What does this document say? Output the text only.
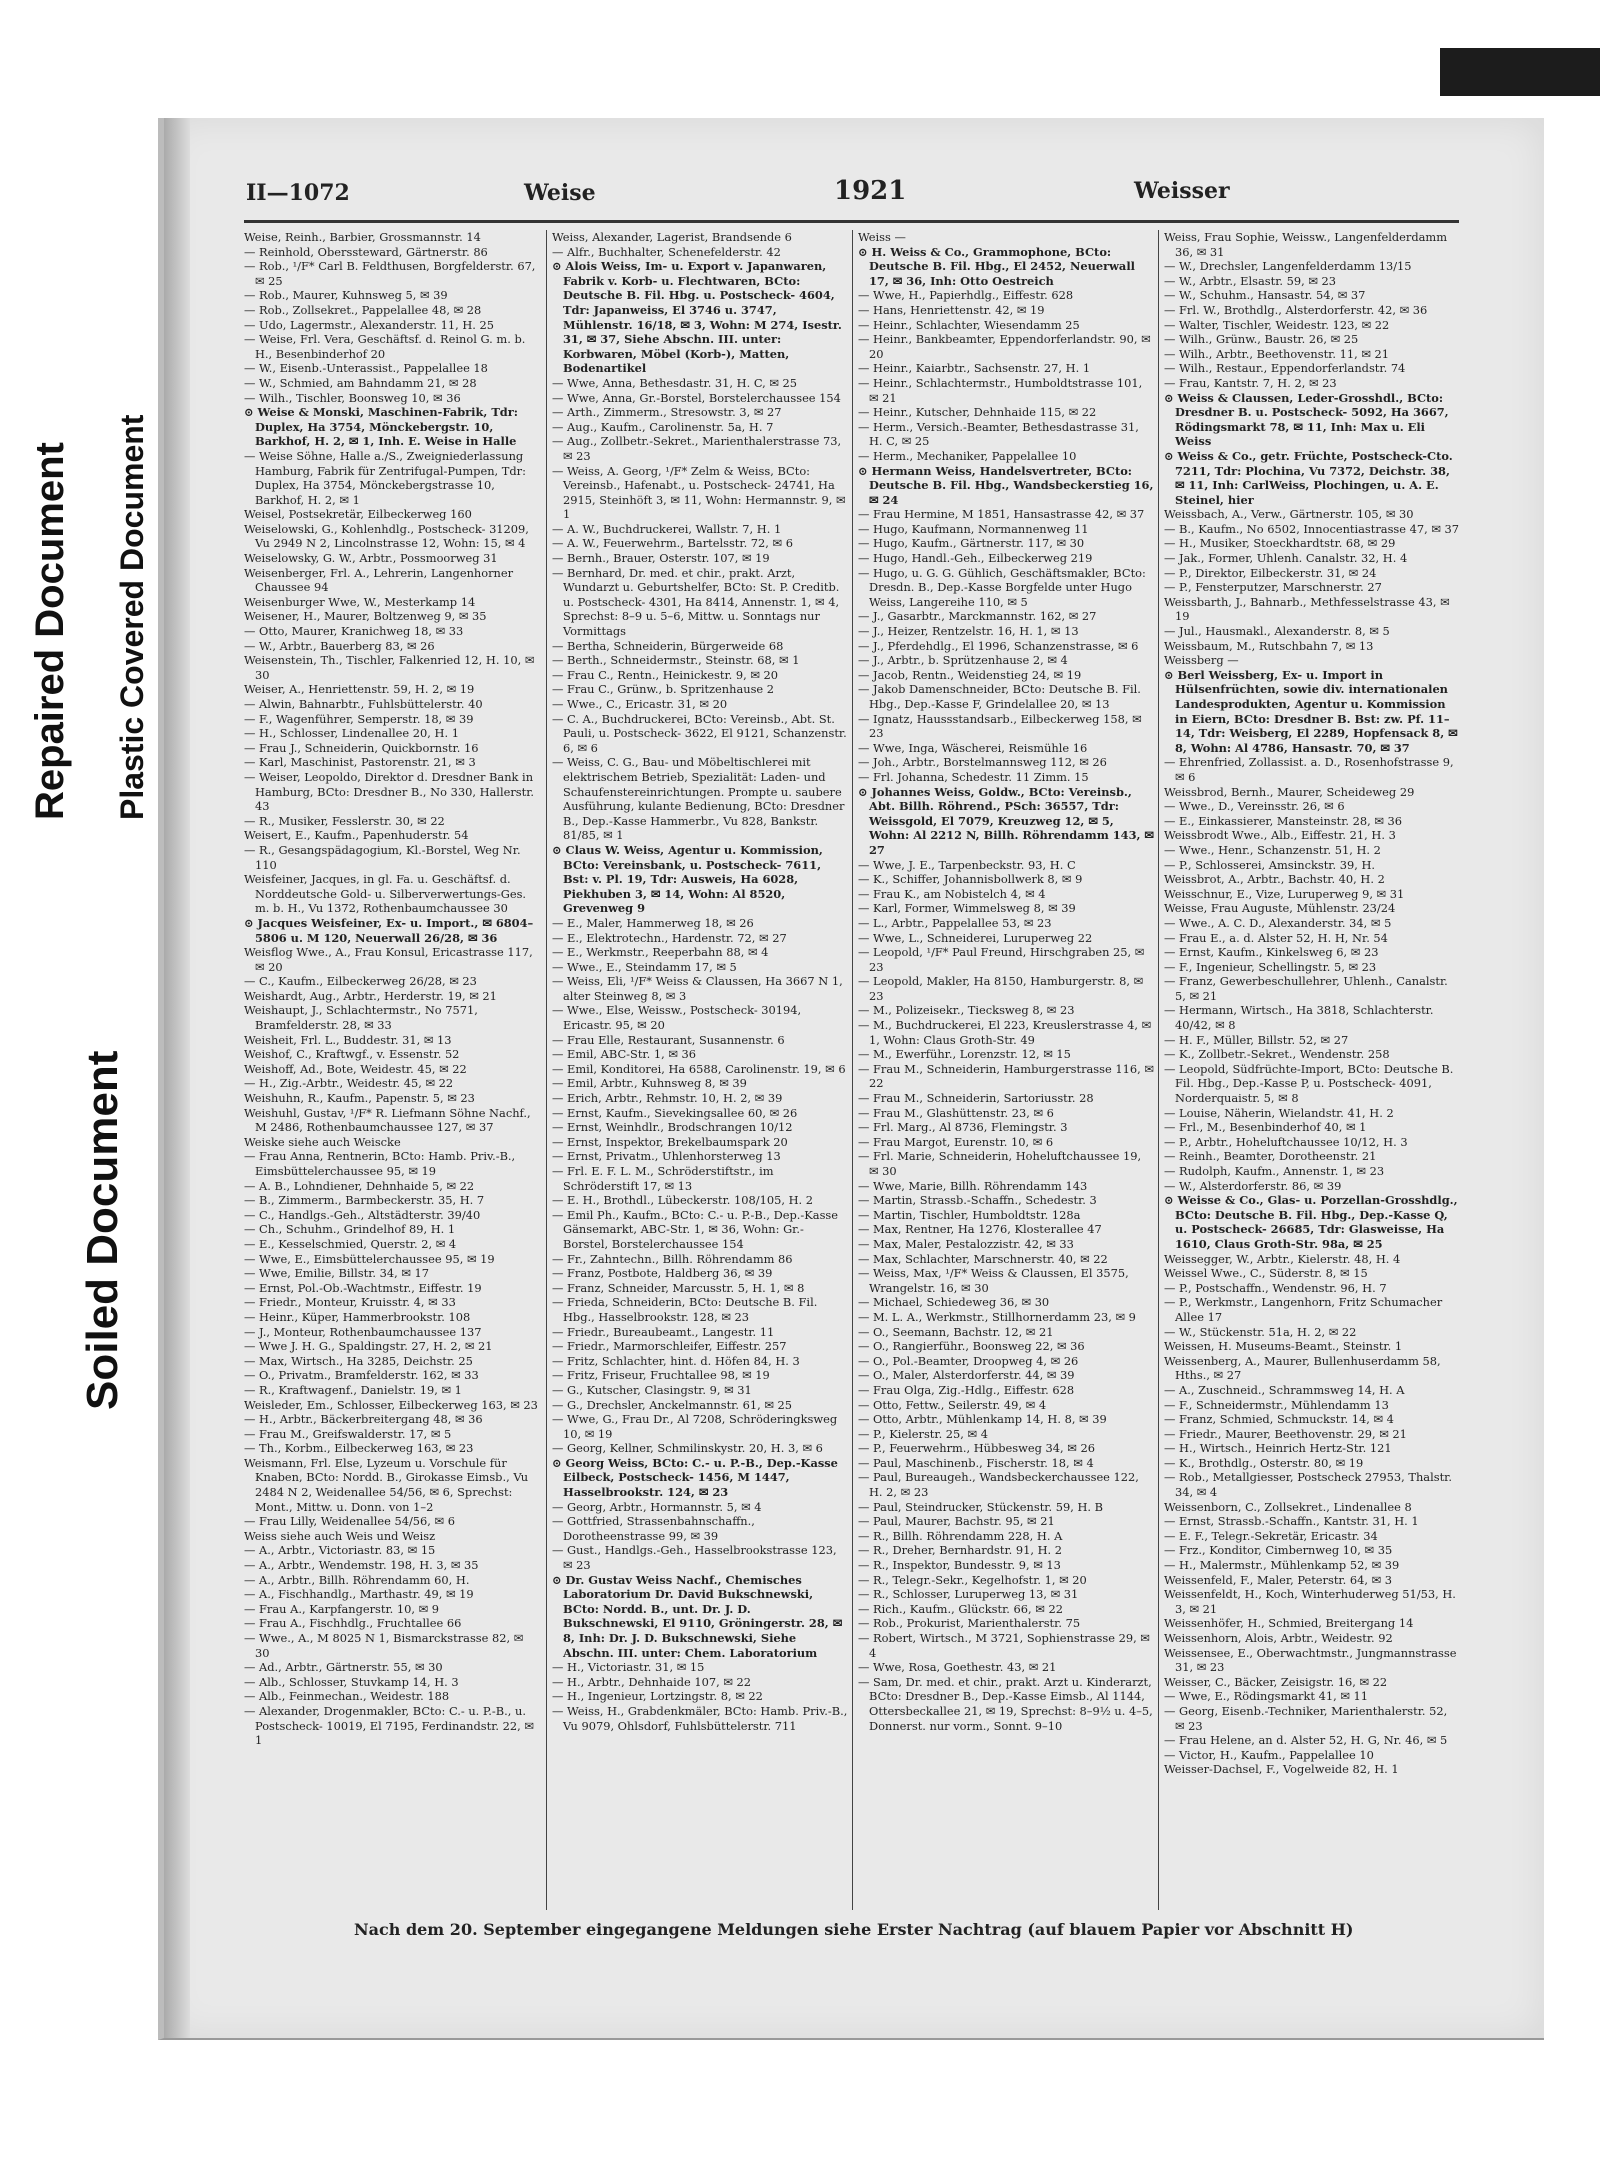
Repaired Document Plastic Covered Document
Soiled Document
II—1072	Weise	1921	Weisser

Weise, Reinh., Barbier, Grossmannstr. 14

— Reinhold, Oberssteward, Gärtnerstr. 86

— Rob., ¹/F* Carl B. Feldthusen, Borgfelderstr. 67, ✉ 25

— Rob., Maurer, Kuhnsweg 5, ✉ 39

— Rob., Zollsekret., Pappelallee 48, ✉ 28

— Udo, Lagermstr., Alexanderstr. 11, H. 25

— Weise, Frl. Vera, Geschäftsf. d. Reinol G. m. b. H., Besenbinderhof 20

— W., Eisenb.-Unterassist., Pappelallee 18

— W., Schmied, am Bahndamm 21, ✉ 28

— Wilh., Tischler, Boonsweg 10, ✉ 36

⊙ Weise & Monski, Maschinen-Fabrik, Tdr: Duplex, Ha 3754, Mönckebergstr. 10, Barkhof, H. 2, ✉ 1, Inh. E. Weise in Halle

— Weise Söhne, Halle a./S., Zweigniederlassung Hamburg, Fabrik für Zentrifugal-Pumpen, Tdr: Duplex, Ha 3754, Mönckebergstrasse 10, Barkhof, H. 2, ✉ 1

Weisel, Postsekretär, Eilbeckerweg 160

Weiselowski, G., Kohlenhdlg., Postscheck- 31209, Vu 2949 N 2, Lincolnstrasse 12, Wohn: 15, ✉ 4

Weiselowsky, G. W., Arbtr., Possmoorweg 31

Weisenberger, Frl. A., Lehrerin, Langenhorner Chaussee 94

Weisenburger Wwe, W., Mesterkamp 14

Weisener, H., Maurer, Boltzenweg 9, ✉ 35

— Otto, Maurer, Kranichweg 18, ✉ 33

— W., Arbtr., Bauerberg 83, ✉ 26

Weisenstein, Th., Tischler, Falkenried 12, H. 10, ✉ 30

Weiser, A., Henriettenstr. 59, H. 2, ✉ 19

— Alwin, Bahnarbtr., Fuhlsbüttelerstr. 40

— F., Wagenführer, Semperstr. 18, ✉ 39

— H., Schlosser, Lindenallee 20, H. 1

— Frau J., Schneiderin, Quickbornstr. 16

— Karl, Maschinist, Pastorenstr. 21, ✉ 3

— Weiser, Leopoldo, Direktor d. Dresdner Bank in Hamburg, BCto: Dresdner B., No 330, Hallerstr. 43

— R., Musiker, Fesslerstr. 30, ✉ 22

Weisert, E., Kaufm., Papenhuderstr. 54

— R., Gesangspädagogium, Kl.-Borstel, Weg Nr. 110

Weisfeiner, Jacques, in gl. Fa. u. Geschäftsf. d. Norddeutsche Gold- u. Silberverwertungs-Ges. m. b. H., Vu 1372, Rothenbaumchaussee 30

⊙ Jacques Weisfeiner, Ex- u. Import., ✉ 6804–5806 u. M 120, Neuerwall 26/28, ✉ 36

Weisflog Wwe., A., Frau Konsul, Ericastrasse 117, ✉ 20

— C., Kaufm., Eilbeckerweg 26/28, ✉ 23

Weishardt, Aug., Arbtr., Herderstr. 19, ✉ 21

Weishaupt, J., Schlachtermstr., No 7571, Bramfelderstr. 28, ✉ 33

Weisheit, Frl. L., Buddestr. 31, ✉ 13

Weishof, C., Kraftwgf., v. Essenstr. 52

Weishoff, Ad., Bote, Weidestr. 45, ✉ 22

— H., Zig.-Arbtr., Weidestr. 45, ✉ 22

Weishuhn, R., Kaufm., Papenstr. 5, ✉ 23

Weishuhl, Gustav, ¹/F* R. Liefmann Söhne Nachf., M 2486, Rothenbaumchaussee 127, ✉ 37

Weiske siehe auch Weiscke

— Frau Anna, Rentnerin, BCto: Hamb. Priv.-B., Eimsbüttelerchaussee 95, ✉ 19

— A. B., Lohndiener, Dehnhaide 5, ✉ 22

— B., Zimmerm., Barmbeckerstr. 35, H. 7

— C., Handlgs.-Geh., Altstädterstr. 39/40

— Ch., Schuhm., Grindelhof 89, H. 1

— E., Kesselschmied, Querstr. 2, ✉ 4

— Wwe, E., Eimsbüttelerchaussee 95, ✉ 19

— Wwe, Emilie, Billstr. 34, ✉ 17

— Ernst, Pol.-Ob.-Wachtmstr., Eiffestr. 19

— Friedr., Monteur, Kruisstr. 4, ✉ 33

— Heinr., Küper, Hammerbrookstr. 108

— J., Monteur, Rothenbaumchaussee 137

— Wwe J. H. G., Spaldingstr. 27, H. 2, ✉ 21

— Max, Wirtsch., Ha 3285, Deichstr. 25

— O., Privatm., Bramfelderstr. 162, ✉ 33

— R., Kraftwagenf., Danielstr. 19, ✉ 1

Weisleder, Em., Schlosser, Eilbeckerweg 163, ✉ 23

— H., Arbtr., Bäckerbreitergang 48, ✉ 36

— Frau M., Greifswalderstr. 17, ✉ 5

— Th., Korbm., Eilbeckerweg 163, ✉ 23

Weismann, Frl. Else, Lyzeum u. Vorschule für Knaben, BCto: Nordd. B., Girokasse Eimsb., Vu 2484 N 2, Weidenallee 54/56, ✉ 6, Sprechst: Mont., Mittw. u. Donn. von 1–2

— Frau Lilly, Weidenallee 54/56, ✉ 6

Weiss siehe auch Weis und Weisz

— A., Arbtr., Victoriastr. 83, ✉ 15

— A., Arbtr., Wendemstr. 198, H. 3, ✉ 35

— A., Arbtr., Billh. Röhrendamm 60, H.

— A., Fischhandlg., Marthastr. 49, ✉ 19

— Frau A., Karpfangerstr. 10, ✉ 9

— Frau A., Fischhdlg., Fruchtallee 66

— Wwe., A., M 8025 N 1, Bismarckstrasse 82, ✉ 30

— Ad., Arbtr., Gärtnerstr. 55, ✉ 30

— Alb., Schlosser, Stuvkamp 14, H. 3

— Alb., Feinmechan., Weidestr. 188

— Alexander, Drogenmakler, BCto: C.- u. P.-B., u. Postscheck- 10019, El 7195, Ferdinandstr. 22, ✉ 1

Weiss, Alexander, Lagerist, Brandsende 6

— Alfr., Buchhalter, Schenefelderstr. 42

⊙ Alois Weiss, Im- u. Export v. Japanwaren, Fabrik v. Korb- u. Flechtwaren, BCto: Deutsche B. Fil. Hbg. u. Postscheck- 4604, Tdr: Japanweiss, El 3746 u. 3747, Mühlenstr. 16/18, ✉ 3, Wohn: M 274, Isestr. 31, ✉ 37, Siehe Abschn. III. unter: Korbwaren, Möbel (Korb-), Matten, Bodenartikel

— Wwe, Anna, Bethesdastr. 31, H. C, ✉ 25

— Wwe, Anna, Gr.-Borstel, Borstelerchaussee 154

— Arth., Zimmerm., Stresowstr. 3, ✉ 27

— Aug., Kaufm., Carolinenstr. 5a, H. 7

— Aug., Zollbetr.-Sekret., Marienthalerstrasse 73, ✉ 23

— Weiss, A. Georg, ¹/F* Zelm & Weiss, BCto: Vereinsb., Hafenabt., u. Postscheck- 24741, Ha 2915, Steinhöft 3, ✉ 11, Wohn: Hermannstr. 9, ✉ 1

— A. W., Buchdruckerei, Wallstr. 7, H. 1

— A. W., Feuerwehrm., Bartelsstr. 72, ✉ 6

— Bernh., Brauer, Osterstr. 107, ✉ 19

— Bernhard, Dr. med. et chir., prakt. Arzt, Wundarzt u. Geburtshelfer, BCto: St. P. Creditb. u. Postscheck- 4301, Ha 8414, Annenstr. 1, ✉ 4, Sprechst: 8–9 u. 5–6, Mittw. u. Sonntags nur Vormittags

— Bertha, Schneiderin, Bürgerweide 68

— Berth., Schneidermstr., Steinstr. 68, ✉ 1

— Frau C., Rentn., Heinickestr. 9, ✉ 20

— Frau C., Grünw., b. Spritzenhause 2

— Wwe., C., Ericastr. 31, ✉ 20

— C. A., Buchdruckerei, BCto: Vereinsb., Abt. St. Pauli, u. Postscheck- 3622, El 9121, Schanzenstr. 6, ✉ 6

— Weiss, C. G., Bau- und Möbeltischlerei mit elektrischem Betrieb, Spezialität: Laden- und Schaufenstereinrichtungen. Prompte u. saubere Ausführung, kulante Bedienung, BCto: Dresdner B., Dep.-Kasse Hammerbr., Vu 828, Bankstr. 81/85, ✉ 1

⊙ Claus W. Weiss, Agentur u. Kommission, BCto: Vereinsbank, u. Postscheck- 7611, Bst: v. Pl. 19, Tdr: Ausweis, Ha 6028, Piekhuben 3, ✉ 14, Wohn: Al 8520, Grevenweg 9

— E., Maler, Hammerweg 18, ✉ 26

— E., Elektrotechn., Hardenstr. 72, ✉ 27

— E., Werkmstr., Reeperbahn 88, ✉ 4

— Wwe., E., Steindamm 17, ✉ 5

— Weiss, Eli, ¹/F* Weiss & Claussen, Ha 3667 N 1, alter Steinweg 8, ✉ 3

— Wwe., Else, Weissw., Postscheck- 30194, Ericastr. 95, ✉ 20

— Frau Elle, Restaurant, Susannenstr. 6

— Emil, ABC-Str. 1, ✉ 36

— Emil, Konditorei, Ha 6588, Carolinenstr. 19, ✉ 6

— Emil, Arbtr., Kuhnsweg 8, ✉ 39

— Erich, Arbtr., Rehmstr. 10, H. 2, ✉ 39

— Ernst, Kaufm., Sievekingsallee 60, ✉ 26

— Ernst, Weinhdlr., Brodschrangen 10/12

— Ernst, Inspektor, Brekelbaumspark 20

— Ernst, Privatm., Uhlenhorsterweg 13

— Frl. E. F. L. M., Schröderstiftstr., im Schröderstift 17, ✉ 13

— E. H., Brothdl., Lübeckerstr. 108/105, H. 2

— Emil Ph., Kaufm., BCto: C.- u. P.-B., Dep.-Kasse Gänsemarkt, ABC-Str. 1, ✉ 36, Wohn: Gr.-Borstel, Borstelerchaussee 154

— Fr., Zahntechn., Billh. Röhrendamm 86

— Franz, Postbote, Haldberg 36, ✉ 39

— Franz, Schneider, Marcusstr. 5, H. 1, ✉ 8

— Frieda, Schneiderin, BCto: Deutsche B. Fil. Hbg., Hasselbrookstr. 128, ✉ 23

— Friedr., Bureaubeamt., Langestr. 11

— Friedr., Marmorschleifer, Eiffestr. 257

— Fritz, Schlachter, hint. d. Höfen 84, H. 3

— Fritz, Friseur, Fruchtallee 98, ✉ 19

— G., Kutscher, Clasingstr. 9, ✉ 31

— G., Drechsler, Anckelmannstr. 61, ✉ 25

— Wwe, G., Frau Dr., Al 7208, Schröderingksweg 10, ✉ 19

— Georg, Kellner, Schmilinskystr. 20, H. 3, ✉ 6

⊙ Georg Weiss, BCto: C.- u. P.-B., Dep.-Kasse Eilbeck, Postscheck- 1456, M 1447, Hasselbrookstr. 124, ✉ 23

— Georg, Arbtr., Hormannstr. 5, ✉ 4

— Gottfried, Strassenbahnschaffn., Dorotheenstrasse 99, ✉ 39

— Gust., Handlgs.-Geh., Hasselbrookstrasse 123, ✉ 23

⊙ Dr. Gustav Weiss Nachf., Chemisches Laboratorium Dr. David Bukschnewski, BCto: Nordd. B., unt. Dr. J. D. Bukschnewski, El 9110, Gröningerstr. 28, ✉ 8, Inh: Dr. J. D. Bukschnewski, Siehe Abschn. III. unter: Chem. Laboratorium

— H., Victoriastr. 31, ✉ 15

— H., Arbtr., Dehnhaide 107, ✉ 22

— H., Ingenieur, Lortzingstr. 8, ✉ 22

— Weiss, H., Grabdenkmäler, BCto: Hamb. Priv.-B., Vu 9079, Ohlsdorf, Fuhlsbüttelerstr. 711

Weiss —

⊙ H. Weiss & Co., Grammophone, BCto: Deutsche B. Fil. Hbg., El 2452, Neuerwall 17, ✉ 36, Inh: Otto Oestreich

— Wwe, H., Papierhdlg., Eiffestr. 628

— Hans, Henriettenstr. 42, ✉ 19

— Heinr., Schlachter, Wiesendamm 25

— Heinr., Bankbeamter, Eppendorferlandstr. 90, ✉ 20

— Heinr., Kaiarbtr., Sachsenstr. 27, H. 1

— Heinr., Schlachtermstr., Humboldtstrasse 101, ✉ 21

— Heinr., Kutscher, Dehnhaide 115, ✉ 22

— Herm., Versich.-Beamter, Bethesdastrasse 31, H. C, ✉ 25

— Herm., Mechaniker, Pappelallee 10

⊙ Hermann Weiss, Handelsvertreter, BCto: Deutsche B. Fil. Hbg., Wandsbeckerstieg 16, ✉ 24

— Frau Hermine, M 1851, Hansastrasse 42, ✉ 37

— Hugo, Kaufmann, Normannenweg 11

— Hugo, Kaufm., Gärtnerstr. 117, ✉ 30

— Hugo, Handl.-Geh., Eilbeckerweg 219

— Hugo, u. G. G. Gühlich, Geschäftsmakler, BCto: Dresdn. B., Dep.-Kasse Borgfelde unter Hugo Weiss, Langereihe 110, ✉ 5

— J., Gasarbtr., Marckmannstr. 162, ✉ 27

— J., Heizer, Rentzelstr. 16, H. 1, ✉ 13

— J., Pferdehdlg., El 1996, Schanzenstrasse, ✉ 6

— J., Arbtr., b. Sprützenhause 2, ✉ 4

— Jacob, Rentn., Weidenstieg 24, ✉ 19

— Jakob Damenschneider, BCto: Deutsche B. Fil. Hbg., Dep.-Kasse F, Grindelallee 20, ✉ 13

— Ignatz, Haussstandsarb., Eilbeckerweg 158, ✉ 23

— Wwe, Inga, Wäscherei, Reismühle 16

— Joh., Arbtr., Borstelmannsweg 112, ✉ 26

— Frl. Johanna, Schedestr. 11 Zimm. 15

⊙ Johannes Weiss, Goldw., BCto: Vereinsb., Abt. Billh. Röhrend., PSch: 36557, Tdr: Weissgold, El 7079, Kreuzweg 12, ✉ 5, Wohn: Al 2212 N, Billh. Röhrendamm 143, ✉ 27

— Wwe, J. E., Tarpenbeckstr. 93, H. C

— K., Schiffer, Johannisbollwerk 8, ✉ 9

— Frau K., am Nobistelch 4, ✉ 4

— Karl, Former, Wimmelsweg 8, ✉ 39

— L., Arbtr., Pappelallee 53, ✉ 23

— Wwe, L., Schneiderei, Luruperweg 22

— Leopold, ¹/F* Paul Freund, Hirschgraben 25, ✉ 23

— Leopold, Makler, Ha 8150, Hamburgerstr. 8, ✉ 23

— M., Polizeisekr., Tiecksweg 8, ✉ 23

— M., Buchdruckerei, El 223, Kreuslerstrasse 4, ✉ 1, Wohn: Claus Groth-Str. 49

— M., Ewerführ., Lorenzstr. 12, ✉ 15

— Frau M., Schneiderin, Hamburgerstrasse 116, ✉ 22

— Frau M., Schneiderin, Sartoriusstr. 28

— Frau M., Glashüttenstr. 23, ✉ 6

— Frl. Marg., Al 8736, Flemingstr. 3

— Frau Margot, Eurenstr. 10, ✉ 6

— Frl. Marie, Schneiderin, Hoheluftchaussee 19, ✉ 30

— Wwe, Marie, Billh. Röhrendamm 143

— Martin, Strassb.-Schaffn., Schedestr. 3

— Martin, Tischler, Humboldtstr. 128a

— Max, Rentner, Ha 1276, Klosterallee 47

— Max, Maler, Pestalozzistr. 42, ✉ 33

— Max, Schlachter, Marschnerstr. 40, ✉ 22

— Weiss, Max, ¹/F* Weiss & Claussen, El 3575, Wrangelstr. 16, ✉ 30

— Michael, Schiedeweg 36, ✉ 30

— M. L. A., Werkmstr., Stillhornerdamm 23, ✉ 9

— O., Seemann, Bachstr. 12, ✉ 21

— O., Rangierführ., Boonsweg 22, ✉ 36

— O., Pol.-Beamter, Droopweg 4, ✉ 26

— O., Maler, Alsterdorferstr. 44, ✉ 39

— Frau Olga, Zig.-Hdlg., Eiffestr. 628

— Otto, Fettw., Seilerstr. 49, ✉ 4

— Otto, Arbtr., Mühlenkamp 14, H. 8, ✉ 39

— P., Kielerstr. 25, ✉ 4

— P., Feuerwehrm., Hübbesweg 34, ✉ 26

— Paul, Maschinenb., Fischerstr. 18, ✉ 4

— Paul, Bureaugeh., Wandsbeckerchaussee 122, H. 2, ✉ 23

— Paul, Steindrucker, Stückenstr. 59, H. B

— Paul, Maurer, Bachstr. 95, ✉ 21

— R., Billh. Röhrendamm 228, H. A

— R., Dreher, Bernhardstr. 91, H. 2

— R., Inspektor, Bundesstr. 9, ✉ 13

— R., Telegr.-Sekr., Kegelhofstr. 1, ✉ 20

— R., Schlosser, Luruperweg 13, ✉ 31

— Rich., Kaufm., Glückstr. 66, ✉ 22

— Rob., Prokurist, Marienthalerstr. 75

— Robert, Wirtsch., M 3721, Sophienstrasse 29, ✉ 4

— Wwe, Rosa, Goethestr. 43, ✉ 21

— Sam, Dr. med. et chir., prakt. Arzt u. Kinderarzt, BCto: Dresdner B., Dep.-Kasse Eimsb., Al 1144, Ottersbeckallee 21, ✉ 19, Sprechst: 8–9½ u. 4–5, Donnerst. nur vorm., Sonnt. 9–10

Weiss, Frau Sophie, Weissw., Langenfelderdamm 36, ✉ 31

— W., Drechsler, Langenfelderdamm 13/15

— W., Arbtr., Elsastr. 59, ✉ 23

— W., Schuhm., Hansastr. 54, ✉ 37

— Frl. W., Brothdlg., Alsterdorferstr. 42, ✉ 36

— Walter, Tischler, Weidestr. 123, ✉ 22

— Wilh., Grünw., Baustr. 26, ✉ 25

— Wilh., Arbtr., Beethovenstr. 11, ✉ 21

— Wilh., Restaur., Eppendorferlandstr. 74

— Frau, Kantstr. 7, H. 2, ✉ 23

⊙ Weiss & Claussen, Leder-Grosshdl., BCto: Dresdner B. u. Postscheck- 5092, Ha 3667, Rödingsmarkt 78, ✉ 11, Inh: Max u. Eli Weiss

⊙ Weiss & Co., getr. Früchte, Postscheck-Cto. 7211, Tdr: Plochina, Vu 7372, Deichstr. 38, ✉ 11, Inh: CarlWeiss, Plochingen, u. A. E. Steinel, hier

Weissbach, A., Verw., Gärtnerstr. 105, ✉ 30

— B., Kaufm., No 6502, Innocentiastrasse 47, ✉ 37

— H., Musiker, Stoeckhardtstr. 68, ✉ 29

— Jak., Former, Uhlenh. Canalstr. 32, H. 4

— P., Direktor, Eilbeckerstr. 31, ✉ 24

— P., Fensterputzer, Marschnerstr. 27

Weissbarth, J., Bahnarb., Methfesselstrasse 43, ✉ 19

— Jul., Hausmakl., Alexanderstr. 8, ✉ 5

Weissbaum, M., Rutschbahn 7, ✉ 13

Weissberg —

⊙ Berl Weissberg, Ex- u. Import in Hülsenfrüchten, sowie div. internationalen Landesprodukten, Agentur u. Kommission in Eiern, BCto: Dresdner B. Bst: zw. Pf. 11–14, Tdr: Weisberg, El 2289, Hopfensack 8, ✉ 8, Wohn: Al 4786, Hansastr. 70, ✉ 37

— Ehrenfried, Zollassist. a. D., Rosenhofstrasse 9, ✉ 6

Weissbrod, Bernh., Maurer, Scheideweg 29

— Wwe., D., Vereinsstr. 26, ✉ 6

— E., Einkassierer, Mansteinstr. 28, ✉ 36

Weissbrodt Wwe., Alb., Eiffestr. 21, H. 3

— Wwe., Henr., Schanzenstr. 51, H. 2

— P., Schlosserei, Amsinckstr. 39, H.

Weissbrot, A., Arbtr., Bachstr. 40, H. 2

Weisschnur, E., Vize, Luruperweg 9, ✉ 31

Weisse, Frau Auguste, Mühlenstr. 23/24

— Wwe., A. C. D., Alexanderstr. 34, ✉ 5

— Frau E., a. d. Alster 52, H. H, Nr. 54

— Ernst, Kaufm., Kinkelsweg 6, ✉ 23

— F., Ingenieur, Schellingstr. 5, ✉ 23

— Franz, Gewerbeschullehrer, Uhlenh., Canalstr. 5, ✉ 21

— Hermann, Wirtsch., Ha 3818, Schlachterstr. 40/42, ✉ 8

— H. F., Müller, Billstr. 52, ✉ 27

— K., Zollbetr.-Sekret., Wendenstr. 258

— Leopold, Südfrüchte-Import, BCto: Deutsche B. Fil. Hbg., Dep.-Kasse P, u. Postscheck- 4091, Norderquaistr. 5, ✉ 8

— Louise, Näherin, Wielandstr. 41, H. 2

— Frl., M., Besenbinderhof 40, ✉ 1

— P., Arbtr., Hoheluftchaussee 10/12, H. 3

— Reinh., Beamter, Dorotheenstr. 21

— Rudolph, Kaufm., Annenstr. 1, ✉ 23

— W., Alsterdorferstr. 86, ✉ 39

⊙ Weisse & Co., Glas- u. Porzellan-Grosshdlg., BCto: Deutsche B. Fil. Hbg., Dep.-Kasse Q, u. Postscheck- 26685, Tdr: Glasweisse, Ha 1610, Claus Groth-Str. 98a, ✉ 25

Weissegger, W., Arbtr., Kielerstr. 48, H. 4

Weissel Wwe., C., Süderstr. 8, ✉ 15

— P., Postschaffn., Wendenstr. 96, H. 7

— P., Werkmstr., Langenhorn, Fritz Schumacher Allee 17

— W., Stückenstr. 51a, H. 2, ✉ 22

Weissen, H. Museums-Beamt., Steinstr. 1

Weissenberg, A., Maurer, Bullenhuserdamm 58, Hths., ✉ 27

— A., Zuschneid., Schrammsweg 14, H. A

— F., Schneidermstr., Mühlendamm 13

— Franz, Schmied, Schmuckstr. 14, ✉ 4

— Friedr., Maurer, Beethovenstr. 29, ✉ 21

— H., Wirtsch., Heinrich Hertz-Str. 121

— K., Brothdlg., Osterstr. 80, ✉ 19

— Rob., Metallgiesser, Postscheck 27953, Thalstr. 34, ✉ 4

Weissenborn, C., Zollsekret., Lindenallee 8

— Ernst, Strassb.-Schaffn., Kantstr. 31, H. 1

— E. F., Telegr.-Sekretär, Ericastr. 34

— Frz., Konditor, Cimbernweg 10, ✉ 35

— H., Malermstr., Mühlenkamp 52, ✉ 39

Weissenfeld, F., Maler, Peterstr. 64, ✉ 3

Weissenfeldt, H., Koch, Winterhuderweg 51/53, H. 3, ✉ 21

Weissenhöfer, H., Schmied, Breitergang 14

Weissenhorn, Alois, Arbtr., Weidestr. 92

Weissensee, E., Oberwachtmstr., Jungmannstrasse 31, ✉ 23

Weisser, C., Bäcker, Zeisigstr. 16, ✉ 22

— Wwe, E., Rödingsmarkt 41, ✉ 11

— Georg, Eisenb.-Techniker, Marienthalerstr. 52, ✉ 23

— Frau Helene, an d. Alster 52, H. G, Nr. 46, ✉ 5

— Victor, H., Kaufm., Pappelallee 10

Weisser-Dachsel, F., Vogelweide 82, H. 1

Nach dem 20. September eingegangene Meldungen siehe Erster Nachtrag (auf blauem Papier vor Abschnitt H)
